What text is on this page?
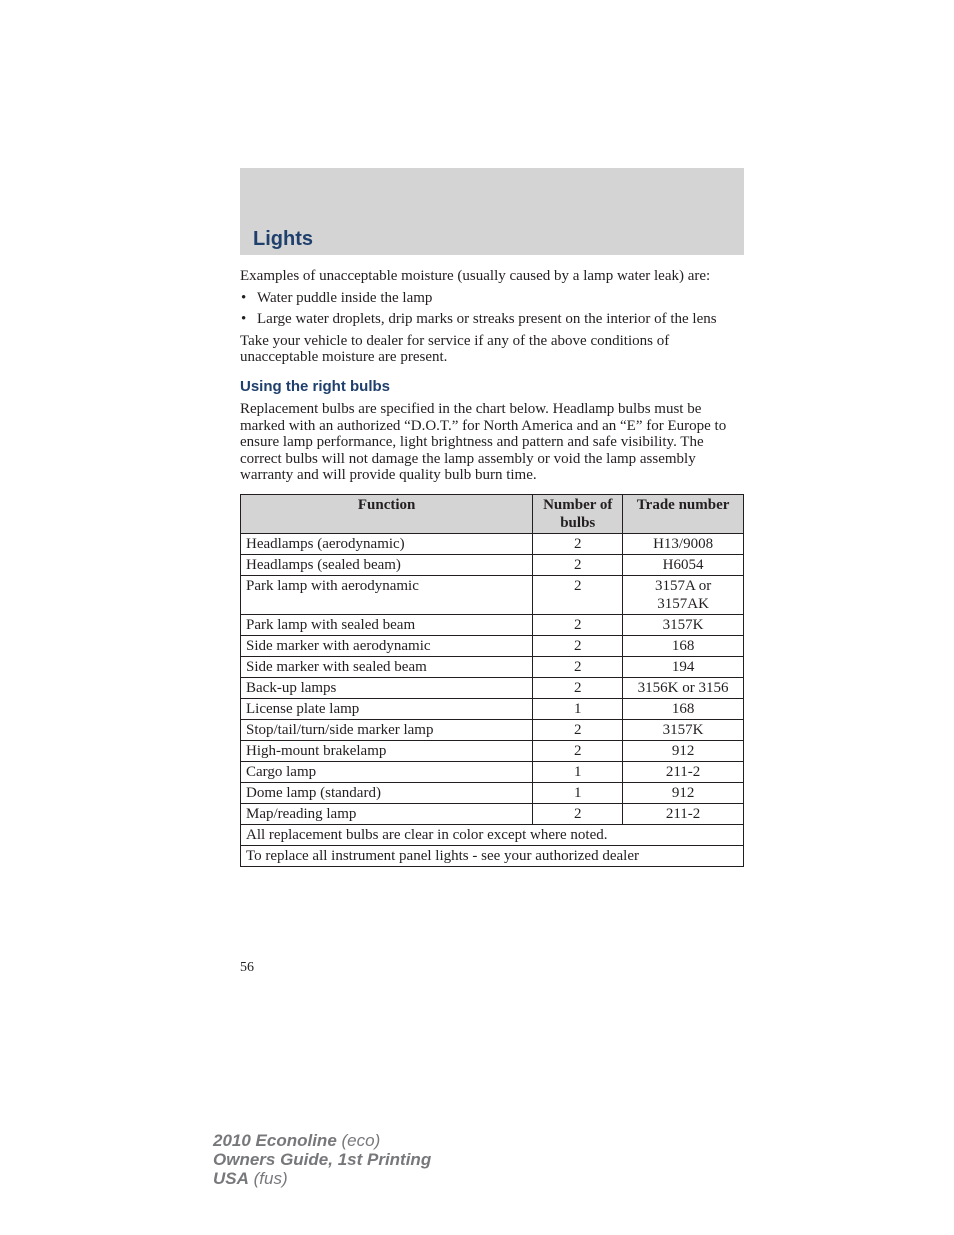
Lights

Examples of unacceptable moisture (usually caused by a lamp water leak) are:

• Water puddle inside the lamp
• Large water droplets, drip marks or streaks present on the interior of the lens

Take your vehicle to dealer for service if any of the above conditions of unacceptable moisture are present.

Using the right bulbs

Replacement bulbs are specified in the chart below. Headlamp bulbs must be marked with an authorized “D.O.T.” for North America and an “E” for Europe to ensure lamp performance, light brightness and pattern and safe visibility. The correct bulbs will not damage the lamp assembly or void the lamp assembly warranty and will provide quality bulb burn time.

Function	Number of bulbs	Trade number
Headlamps (aerodynamic)	2	H13/9008
Headlamps (sealed beam)	2	H6054
Park lamp with aerodynamic	2	3157A or 3157AK
Park lamp with sealed beam	2	3157K
Side marker with aerodynamic	2	168
Side marker with sealed beam	2	194
Back-up lamps	2	3156K or 3156
License plate lamp	1	168
Stop/tail/turn/side marker lamp	2	3157K
High-mount brakelamp	2	912
Cargo lamp	1	211-2
Dome lamp (standard)	1	912
Map/reading lamp	2	211-2
All replacement bulbs are clear in color except where noted.		
To replace all instrument panel lights - see your authorized dealer		
56
2010 Econoline (eco)
Owners Guide, 1st Printing
USA (fus)
